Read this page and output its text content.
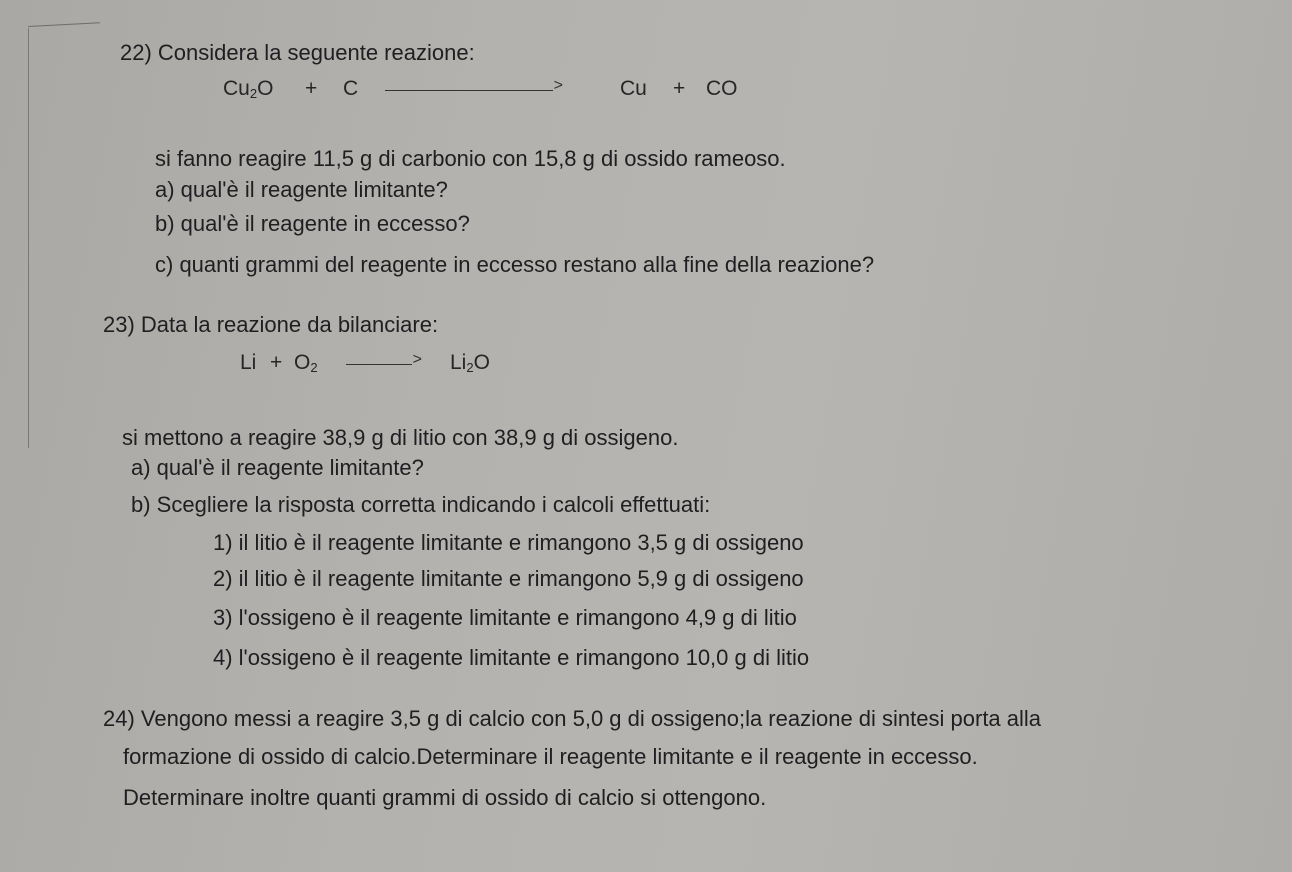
22) Considera la seguente reazione:
$Cu_2O + C$ >	Cu + CO
si fanno reagire 11,5 g di carbonio con 15,8 g di ossido rameoso.
a) qual'è il reagente limitante?
b) qual'è il reagente in eccesso?
c) quanti grammi del reagente in eccesso restano alla fine della reazione?
23) Data la reazione da bilanciare:
$Li + O_2$ >	$Li_2O$
si mettono a reagire 38,9 g di litio con 38,9 g di ossigeno.
a) qual'è il reagente limitante?
b) Scegliere la risposta corretta indicando i calcoli effettuati:
1) il litio è il reagente limitante e rimangono 3,5 g di ossigeno
2) il litio è il reagente limitante e rimangono 5,9 g di ossigeno
3) l'ossigeno è il reagente limitante e rimangono 4,9 g di litio
4) l'ossigeno è il reagente limitante e rimangono 10,0 g di litio
24) Vengono messi a reagire 3,5 g di calcio con 5,0 g di ossigeno;la reazione di sintesi porta alla
formazione di ossido di calcio.Determinare il reagente limitante e il reagente in eccesso.
Determinare inoltre quanti grammi di ossido di calcio si ottengono.
